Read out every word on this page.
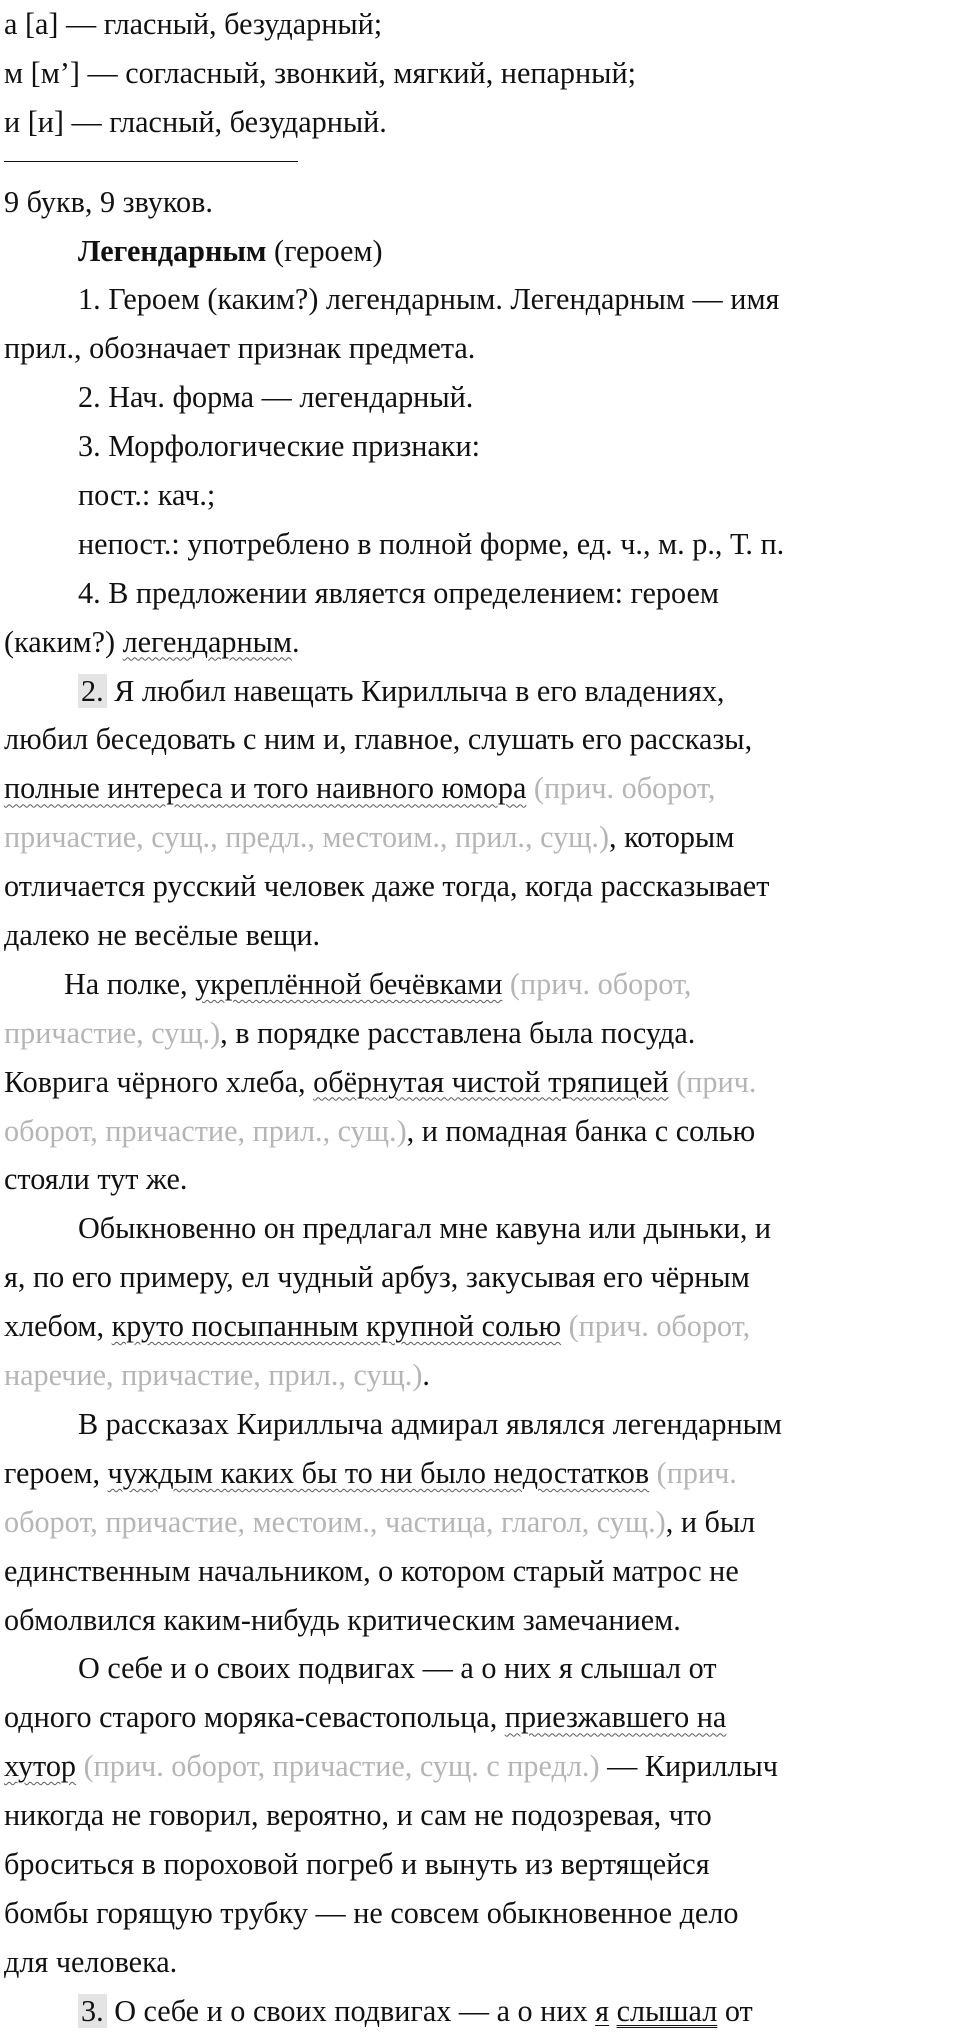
а [а] — гласный, безударный;
м [м’] — согласный, звонкий, мягкий, непарный;
и [и] — гласный, безударный.
9 букв, 9 звуков.
Легендарным (героем)
1. Героем (каким?) легендарным. Легендарным — имя
прил., обозначает признак предмета.
2. Нач. форма — легендарный.
3. Морфологические признаки:
пост.: кач.;
непост.: употреблено в полной форме, ед. ч., м. р., Т. п.
4. В предложении является определением: героем
(каким?) легендарным.
2. Я любил навещать Кириллыча в его владениях,
любил беседовать с ним и, главное, слушать его рассказы,
полные интереса и того наивного юмора (прич. оборот,
причастие, сущ., предл., местоим., прил., сущ.), которым
отличается русский человек даже тогда, когда рассказывает
далеко не весёлые вещи.
На полке, укреплённой бечёвками (прич. оборот,
причастие, сущ.), в порядке расставлена была посуда.
Коврига чёрного хлеба, обёрнутая чистой тряпицей (прич.
оборот, причастие, прил., сущ.), и помадная банка с солью
стояли тут же.
Обыкновенно он предлагал мне кавуна или дыньки, и
я, по его примеру, ел чудный арбуз, закусывая его чёрным
хлебом, круто посыпанным крупной солью (прич. оборот,
наречие, причастие, прил., сущ.).
В рассказах Кириллыча адмирал являлся легендарным
героем, чуждым каких бы то ни было недостатков (прич.
оборот, причастие, местоим., частица, глагол, сущ.), и был
единственным начальником, о котором старый матрос не
обмолвился каким-нибудь критическим замечанием.
О себе и о своих подвигах — а о них я слышал от
одного старого моряка-севастопольца, приезжавшего на
хутор (прич. оборот, причастие, сущ. с предл.) — Кириллыч
никогда не говорил, вероятно, и сам не подозревая, что
броситься в пороховой погреб и вынуть из вертящейся
бомбы горящую трубку — не совсем обыкновенное дело
для человека.
3. О себе и о своих подвигах — а о них я слышал от
